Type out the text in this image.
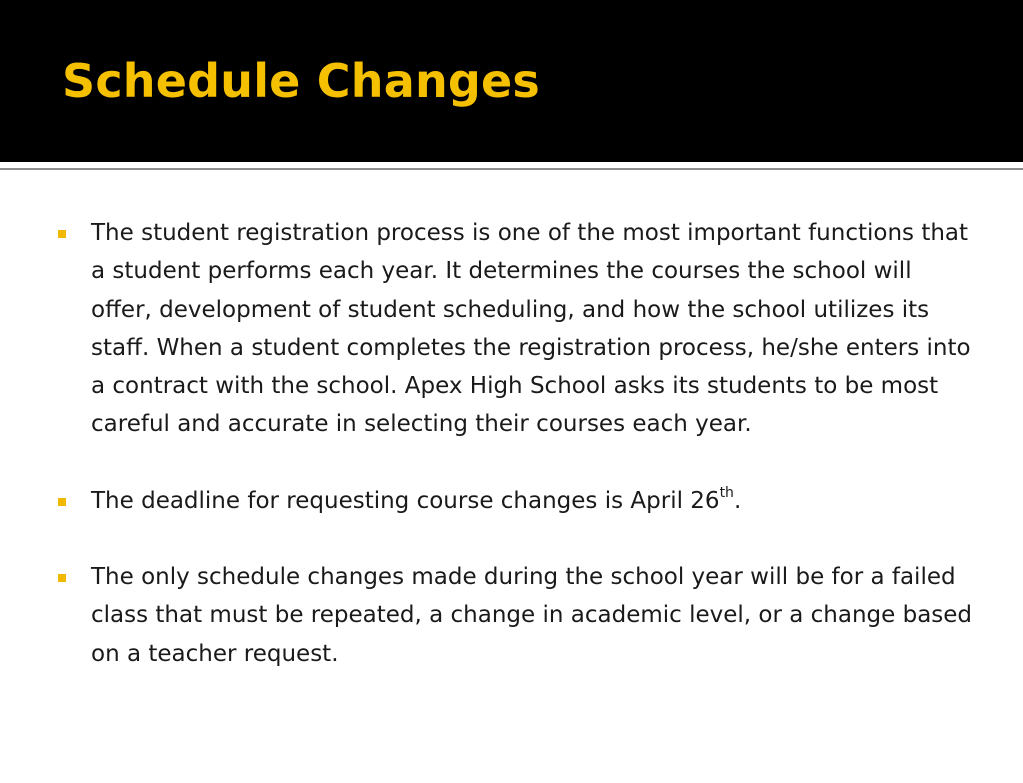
Schedule Changes
The student registration process is one of the most important functions that a student performs each year. It determines the courses the school will offer, development of student scheduling, and how the school utilizes its staff. When a student completes the registration process, he/she enters into a contract with the school. Apex High School asks its students to be most careful and accurate in selecting their courses each year.
The deadline for requesting course changes is April 26th.
The only schedule changes made during the school year will be for a failed class that must be repeated, a change in academic level, or a change based on a teacher request.
